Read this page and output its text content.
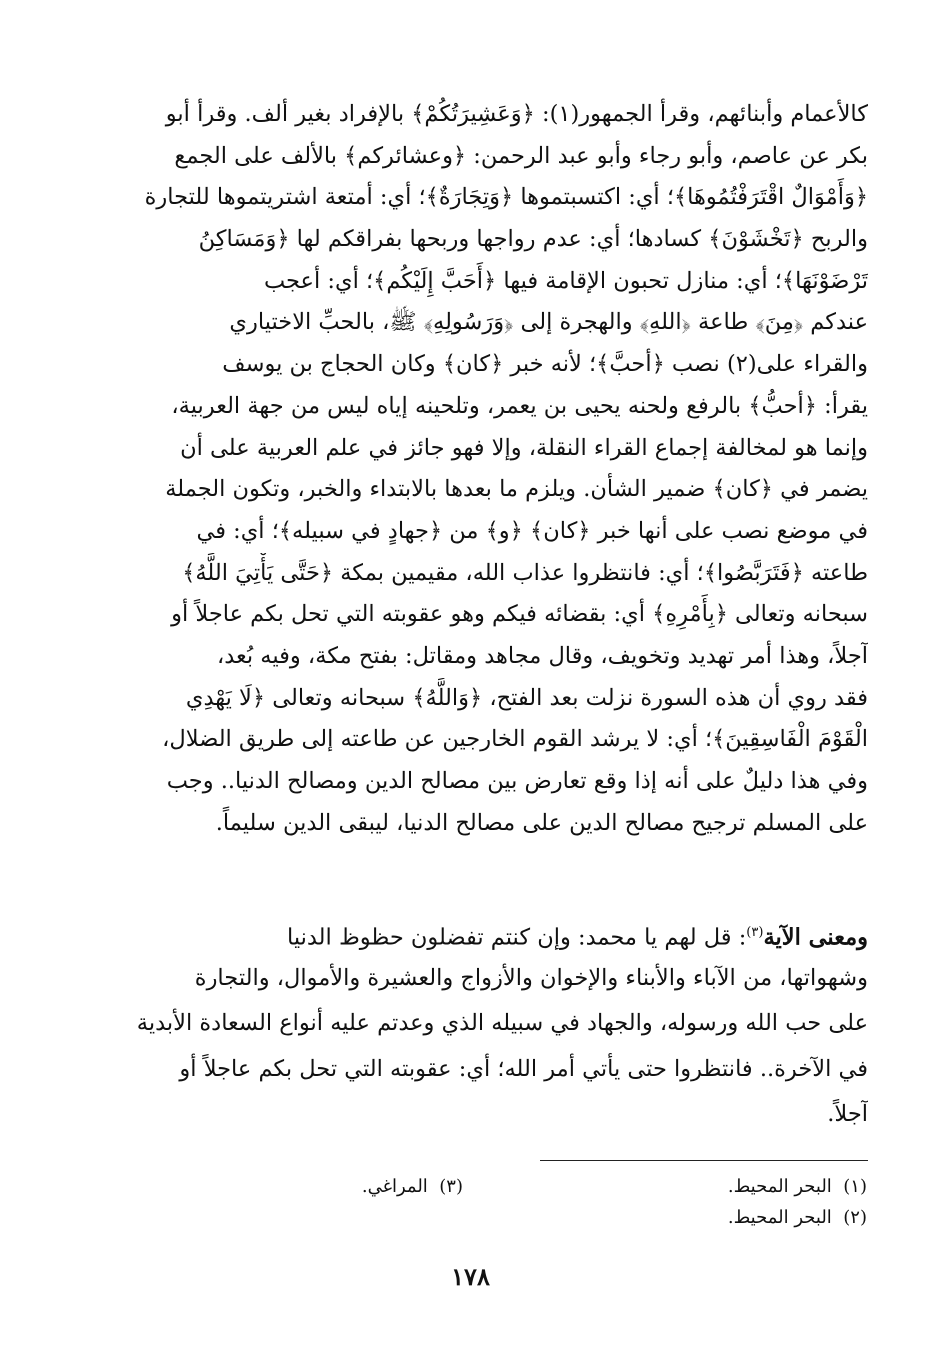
كالأعمام وأبنائهم، وقرأ الجمهور(١): ﴿وَعَشِيرَتُكُمْ﴾ بالإفراد بغير ألف. وقرأ أبو
بكر عن عاصم، وأبو رجاء وأبو عبد الرحمن: ﴿وعشائركم﴾ بالألف على الجمع
﴿وَأَمْوَالٌ اقْتَرَفْتُمُوهَا﴾؛ أي: اكتسبتموها ﴿وَتِجَارَةٌ﴾؛ أي: أمتعة اشتريتموها للتجارة
والربح ﴿تَخْشَوْنَ﴾ كسادها؛ أي: عدم رواجها وربحها بفراقكم لها ﴿وَمَسَاكِنُ
تَرْضَوْنَهَا﴾؛ أي: منازل تحبون الإقامة فيها ﴿أَحَبَّ إِلَيْكُم﴾؛ أي: أعجب
عندكم ﴿مِنَ﴾ طاعة ﴿اللهِ﴾ والهجرة إلى ﴿وَرَسُولِهِ﴾ ﷺ، بالحبِّ الاختياري
والقراء على(٢) نصب ﴿أحبَّ﴾؛ لأنه خبر ﴿كان﴾ وكان الحجاج بن يوسف
يقرأ: ﴿أحبُّ﴾ بالرفع ولحنه يحيى بن يعمر، وتلحينه إياه ليس من جهة العربية،
وإنما هو لمخالفة إجماع القراء النقلة، وإلا فهو جائز في علم العربية على أن
يضمر في ﴿كان﴾ ضمير الشأن. ويلزم ما بعدها بالابتداء والخبر، وتكون الجملة
في موضع نصب على أنها خبر ﴿كان﴾ ﴿و﴾ من ﴿جهادٍ في سبيله﴾؛ أي: في
طاعته ﴿فَتَرَبَّصُوا﴾؛ أي: فانتظروا عذاب الله، مقيمين بمكة ﴿حَتَّى يَأْتِيَ اللَّهُ﴾
سبحانه وتعالى ﴿بِأَمْرِهِ﴾ أي: بقضائه فيكم وهو عقوبته التي تحل بكم عاجلاً أو
آجلاً، وهذا أمر تهديد وتخويف، وقال مجاهد ومقاتل: بفتح مكة، وفيه بُعد،
فقد روي أن هذه السورة نزلت بعد الفتح، ﴿وَاللَّهُ﴾ سبحانه وتعالى ﴿لَا يَهْدِي
الْقَوْمَ الْفَاسِقِينَ﴾؛ أي: لا يرشد القوم الخارجين عن طاعته إلى طريق الضلال،
وفي هذا دليلٌ على أنه إذا وقع تعارض بين مصالح الدين ومصالح الدنيا.. وجب
على المسلم ترجيح مصالح الدين على مصالح الدنيا، ليبقى الدين سليماً.
ومعنى الآية$^{(٣)}$: قل لهم يا محمد: وإن كنتم تفضلون حظوظ الدنيا
وشهواتها، من الآباء والأبناء والإخوان والأزواج والعشيرة والأموال، والتجارة
على حب الله ورسوله، والجهاد في سبيله الذي وعدتم عليه أنواع السعادة الأبدية
في الآخرة.. فانتظروا حتى يأتي أمر الله؛ أي: عقوبته التي تحل بكم عاجلاً أو
آجلاً.
(١)  البحر المحيط.
(٢)  البحر المحيط.
(٣)  المراغي.
١٧٨
